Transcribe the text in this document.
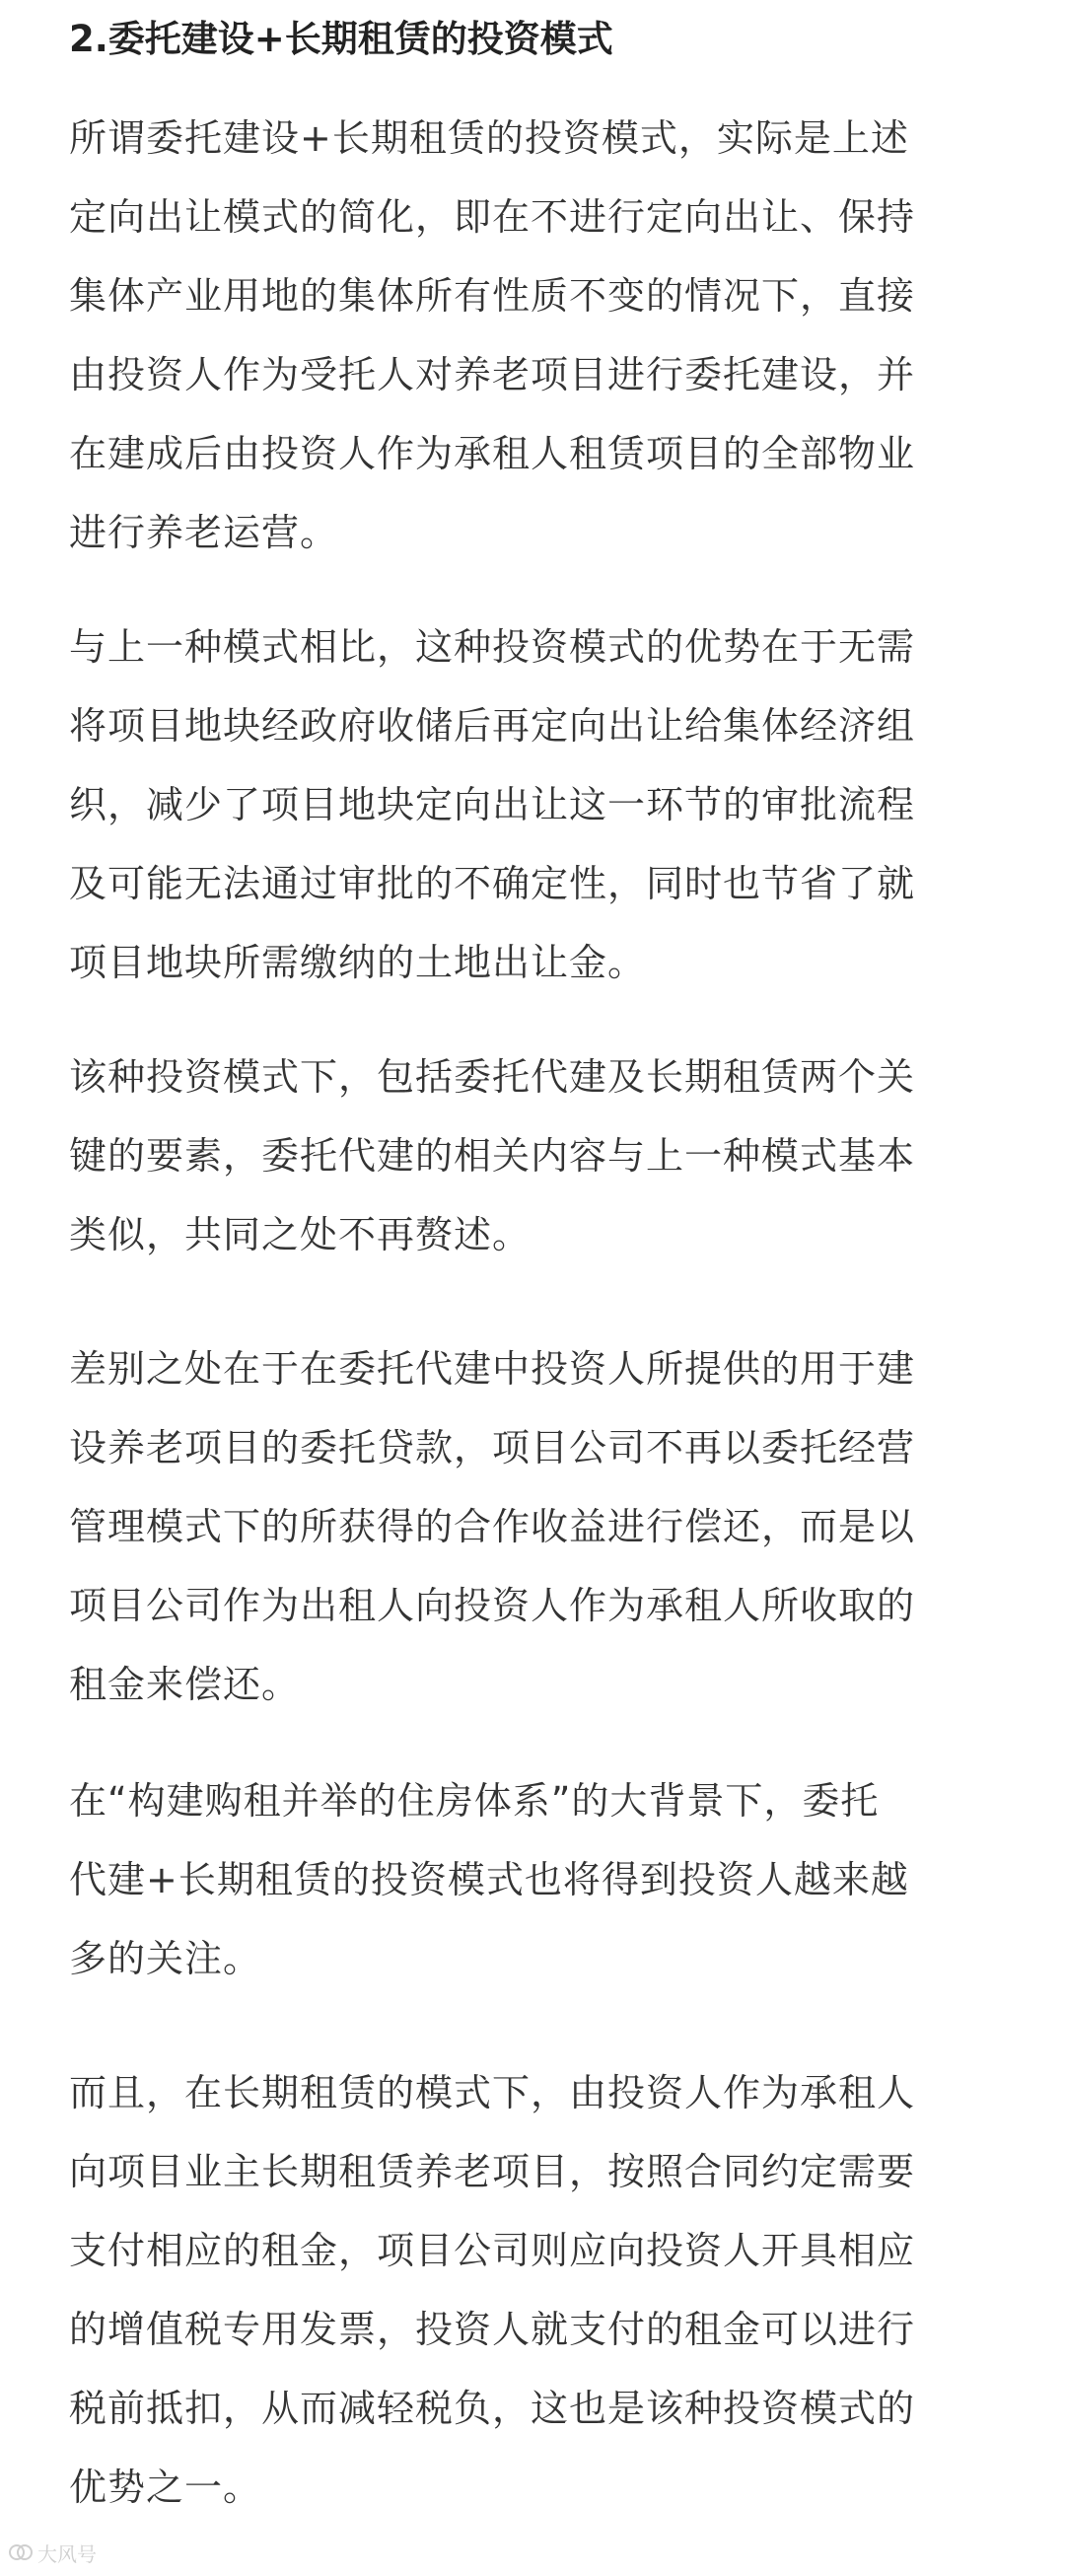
2.委托建设+长期租赁的投资模式

所谓委托建设+长期租赁的投资模式，实际是上述
定向出让模式的简化，即在不进行定向出让、保持
集体产业用地的集体所有性质不变的情况下，直接
由投资人作为受托人对养老项目进行委托建设，并
在建成后由投资人作为承租人租赁项目的全部物业
进行养老运营。

与上一种模式相比，这种投资模式的优势在于无需
将项目地块经政府收储后再定向出让给集体经济组
织，减少了项目地块定向出让这一环节的审批流程
及可能无法通过审批的不确定性，同时也节省了就
项目地块所需缴纳的土地出让金。

该种投资模式下，包括委托代建及长期租赁两个关
键的要素，委托代建的相关内容与上一种模式基本
类似，共同之处不再赘述。

差别之处在于在委托代建中投资人所提供的用于建
设养老项目的委托贷款，项目公司不再以委托经营
管理模式下的所获得的合作收益进行偿还，而是以
项目公司作为出租人向投资人作为承租人所收取的
租金来偿还。

在“构建购租并举的住房体系”的大背景下，委托
代建+长期租赁的投资模式也将得到投资人越来越
多的关注。

而且，在长期租赁的模式下，由投资人作为承租人
向项目业主长期租赁养老项目，按照合同约定需要
支付相应的租金，项目公司则应向投资人开具相应
的增值税专用发票，投资人就支付的租金可以进行
税前抵扣，从而减轻税负，这也是该种投资模式的
优势之一。

大风号
